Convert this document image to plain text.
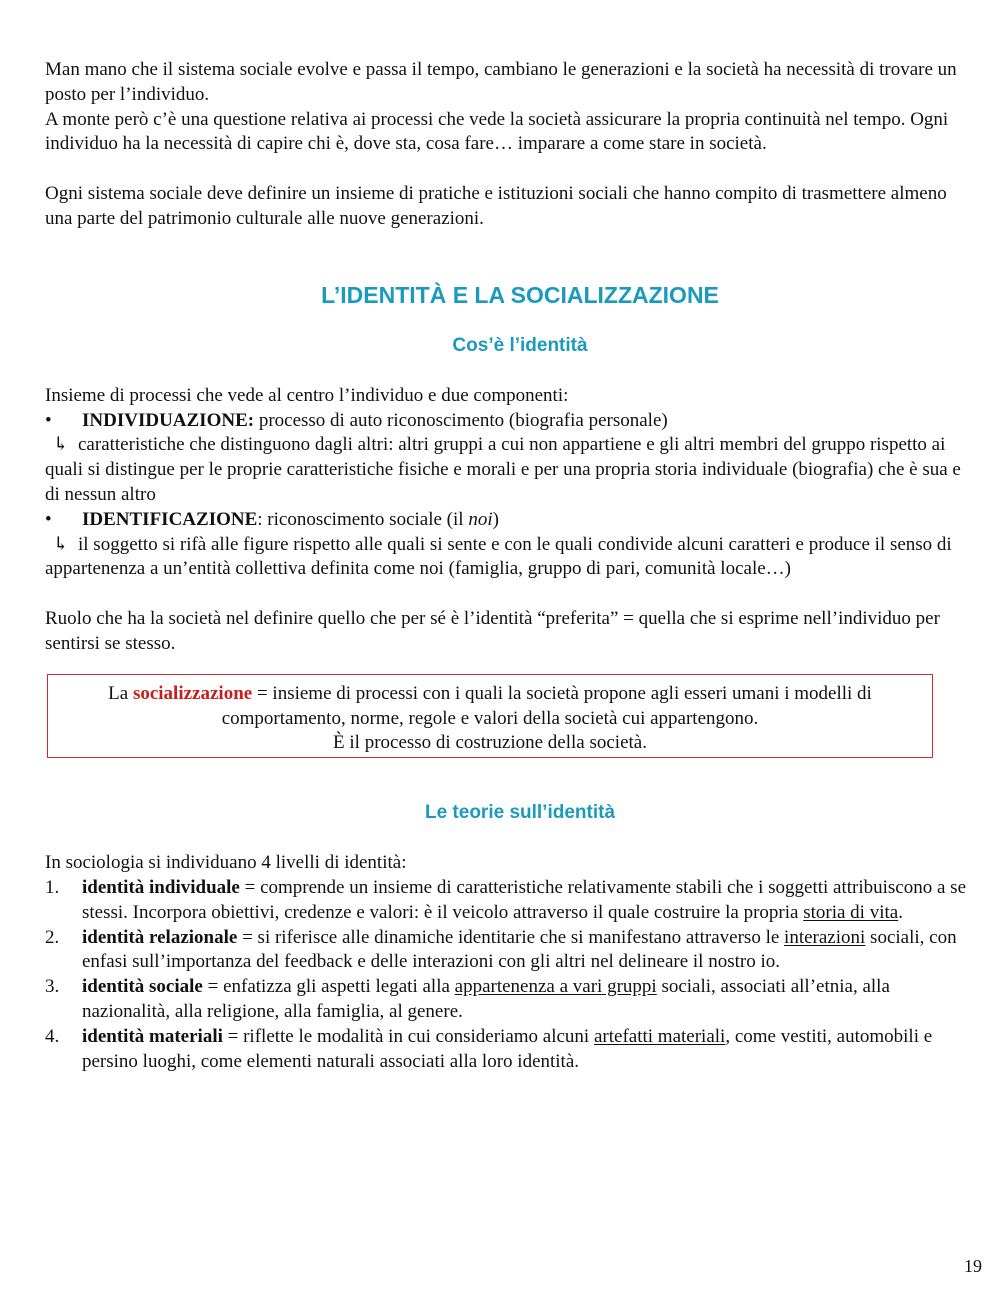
Man mano che il sistema sociale evolve e passa il tempo, cambiano le generazioni e la società ha necessità di trovare un posto per l’individuo.

A monte però c’è una questione relativa ai processi che vede la società assicurare la propria continuità nel tempo. Ogni individuo ha la necessità di capire chi è, dove sta, cosa fare… imparare a come stare in società.

Ogni sistema sociale deve definire un insieme di pratiche e istituzioni sociali che hanno compito di trasmettere almeno una parte del patrimonio culturale alle nuove generazioni.

L’IDENTITÀ E LA SOCIALIZZAZIONE
Cos’è l’identità

Insieme di processi che vede al centro l’individuo e due componenti:

•	INDIVIDUAZIONE: processo di auto riconoscimento (biografia personale)

↳ caratteristiche che distinguono dagli altri: altri gruppi a cui non appartiene e gli altri membri del gruppo rispetto ai quali si distingue per le proprie caratteristiche fisiche e morali e per una propria storia individuale (biografia) che è sua e di nessun altro

•	IDENTIFICAZIONE: riconoscimento sociale (il noi)

↳ il soggetto si rifà alle figure rispetto alle quali si sente e con le quali condivide alcuni caratteri e produce il senso di appartenenza a un’entità collettiva definita come noi (famiglia, gruppo di pari, comunità locale…)

Ruolo che ha la società nel definire quello che per sé è l’identità “preferita” = quella che si esprime nell’individuo per sentirsi se stesso.

La socializzazione = insieme di processi con i quali la società propone agli esseri umani i modelli di comportamento, norme, regole e valori della società cui appartengono.
È il processo di costruzione della società.
Le teorie sull’identità

In sociologia si individuano 4 livelli di identità:

1.	identità individuale = comprende un insieme di caratteristiche relativamente stabili che i soggetti attribuiscono a se stessi. Incorpora obiettivi, credenze e valori: è il veicolo attraverso il quale costruire la propria storia di vita.
2.	identità relazionale = si riferisce alle dinamiche identitarie che si manifestano attraverso le interazioni sociali, con enfasi sull’importanza del feedback e delle interazioni con gli altri nel delineare il nostro io.
3.	identità sociale = enfatizza gli aspetti legati alla appartenenza a vari gruppi sociali, associati all’etnia, alla nazionalità, alla religione, alla famiglia, al genere.
4.	identità materiali = riflette le modalità in cui consideriamo alcuni artefatti materiali, come vestiti, automobili e persino luoghi, come elementi naturali associati alla loro identità.
19
